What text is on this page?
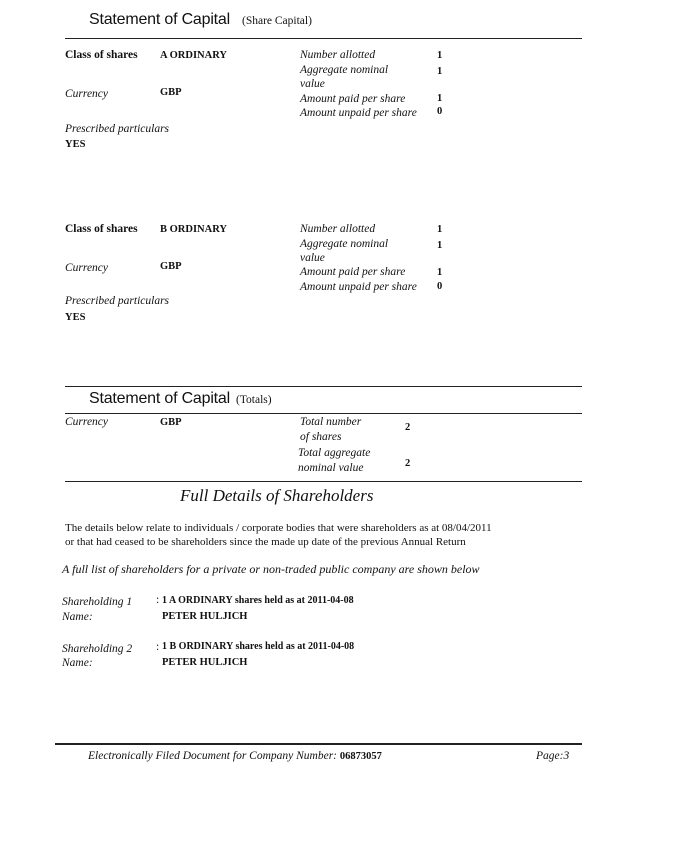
Statement of Capital (Share Capital)
Class of shares A ORDINARY
Currency	GBP
Prescribed particulars
YES
Number allotted	1
Aggregate nominal
value
1
Amount paid per share	1
Amount unpaid per share 0
Class of shares B ORDINARY
Currency	GBP
Prescribed particulars
YES
Number allotted	1
Aggregate nominal
value
1
Amount paid per share	1
Amount unpaid per share 0
Statement of Capital (Totals)
Currency	GBP	Total number
of shares
2
Total aggregate
nominal value	2
Full Details of Shareholders
The details below relate to individuals / corporate bodies that were shareholders as at 08/04/2011
or that had ceased to be shareholders since the made up date of the previous Annual Return
A full list of shareholders for a private or non-traded public company are shown below
Shareholding 1 : 1 A ORDINARY shares held as at 2011-04-08
Name:	PETER HULJICH
Shareholding 2 : 1 B ORDINARY shares held as at 2011-04-08
Name:	PETER HULJICH
Electronically Filed Document for Company Number: 06873057	Page:3
